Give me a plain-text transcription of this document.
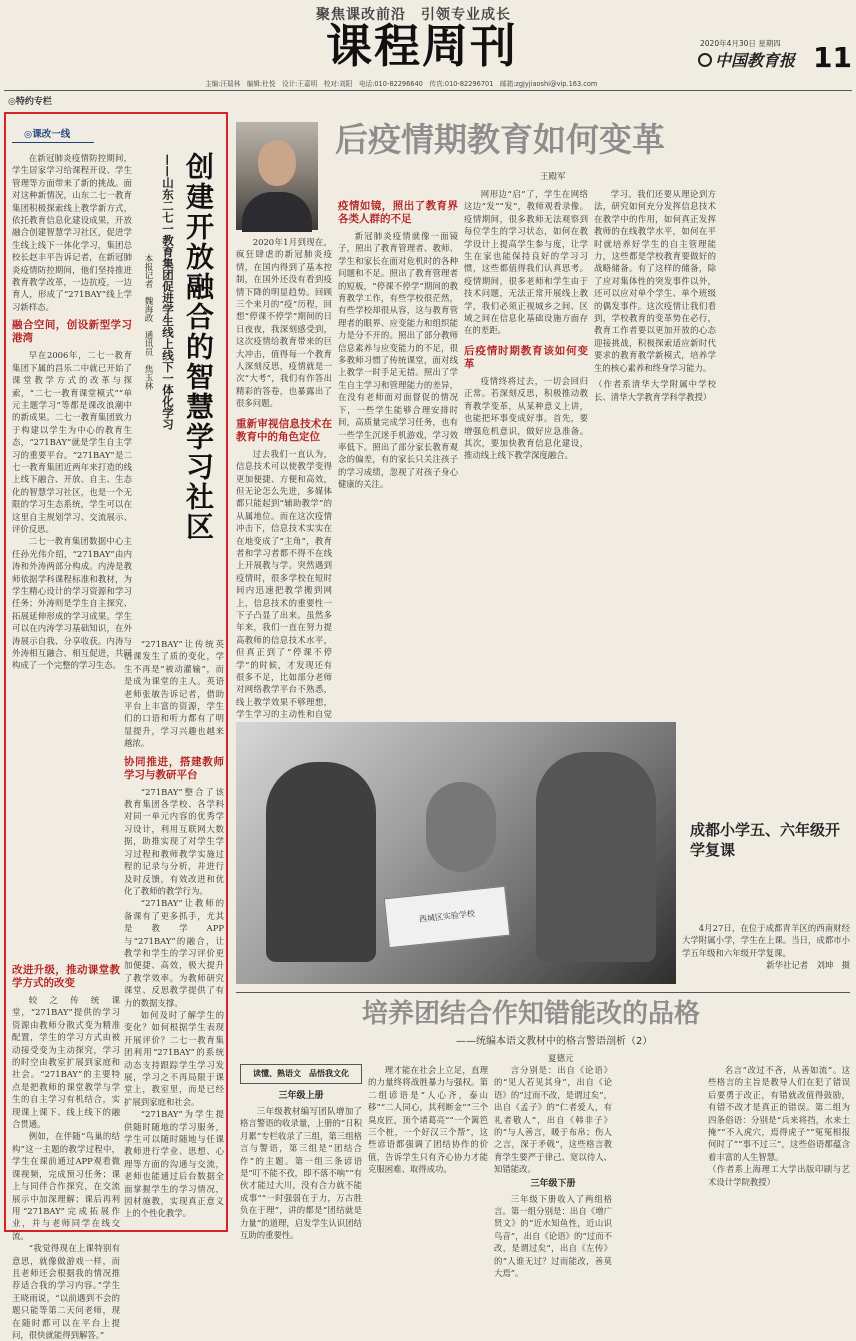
聚焦课改前沿　引领专业成长
课程周刊	2020年4月30日 星期四
中国教育报 11
主编:汪瑞林　编辑:杜悦　设计:王嘉明　校对:刘阳　电话:010-82296640　传真:010-82296701　邮箱:zgjyjiaoshi@vip.163.com
◎特约专栏
◎课改一线
创建开放融合的智慧学习社区
——山东二七一教育集团促进学生线上线下一体化学习
本报记者　魏海政　通讯员　焦玉林

在新冠肺炎疫情防控期间，学生居家学习给课程开设、学生管理等方面带来了新的挑战。面对这种新情况，山东二七一教育集团积极探索线上教学新方式，依托教育信息化建设成果，开放融合创建智慧学习社区，促进学生线上线下一体化学习，集团总校长赵丰平告诉记者，在新冠肺炎疫情防控期间，他们坚持推进教育教学改革，一边抗疫，一边育人，形成了“271BAY”线上学习新样态。

融合空间，创设新型学习港湾

早在2006年，二七一教育集团下属的昌乐二中就已开始了课堂教学方式的改革与探索，“二七一教育课堂模式”“单元主题学习”等都是课改浪潮中的新成果。二七一教育集团致力于构建以学生为中心的教育生态，“271BAY”就是学生自主学习的重要平台。“271BAY”是二七一教育集团近两年来打造的线上线下融合、开放、自主、生态化的智慧学习社区，也是一个无限的学习生态系统，学生可以在这里自主规划学习、交流展示、评价反思。

二七一教育集团数据中心主任孙光伟介绍，“271BAY”由内涛和外涛两部分构成。内涛是教师依据学科课程标准和教材，为学生精心设计的学习资源和学习任务；外涛则是学生自主探究、拓展延伸形成的学习成果。学生可以在内涛学习基础知识，在外涛展示自我、分享收获。内涛与外涛相互融合、相互促进，共同构成了一个完整的学习生态。

“271BAY”让传统英语课发生了质的变化，学生不再是“被动灌输”，而是成为课堂的主人。英语老师张敏告诉记者，借助平台上丰富的资源，学生们的口语和听力都有了明显提升，学习兴趣也越来越浓。

协同推进，搭建教师学习与教研平台

“271BAY”整合了该教育集团各学校、各学科对同一单元内容的优秀学习设计，利用互联网大数据，助推实现了对学生学习过程和教师教学实施过程的记录与分析，并进行及时反馈，有效改进和优化了教师的教学行为。

“271BAY”让教师的备课有了更多抓手，尤其是教学APP与“271BAY”的融合，让教学和学生的学习评价更加便捷、高效，极大提升了教学效率。为教师研究课堂、反思教学提供了有力的数据支撑。

如何及时了解学生的变化？如何根据学生表现开展评价？二七一教育集团利用“271BAY”的系统动态支持跟踪学生学习发展，学习之不再局限于课堂上，教室里，而是已经扩展到家庭和社会。

“271BAY”为学生提供随时随地的学习服务，学生可以随时随地与任课教师进行学业、思想、心理等方面的沟通与交流，老师也能通过后台数据全面掌握学生的学习情况，因材施教，实现真正意义上的个性化教学。

改进升级，推动课堂教学方式的改变

较之传统课堂，“271BAY”提供的学习资源由教师分散式变为精准配置，学生的学习方式由被动接受变为主动探究，学习的时空由教室扩展到家庭和社会。“271BAY”的主要特点是把教师的课堂教学与学生的自主学习有机结合，实现课上课下、线上线下的融合贯通。

例如，在伴随“鸟巢的结构”这一主题的教学过程中，学生在课前通过APP观看微课视频，完成预习任务；课上与同伴合作探究，在交流展示中加深理解；课后再利用“271BAY”完成拓展作业，并与老师同学在线交流。

“我觉得现在上课特别有意思，就像做游戏一样，而且老师还会根据我的情况推荐适合我的学习内容。”学生王晓雨说，“以前遇到不会的题只能等第二天问老师，现在随时都可以在平台上提问，很快就能得到解答。”

后疫情期教育如何变革
王殿军

2020年1月到现在，疯狂肆虐的新冠肺炎疫情，在国内得到了基本控制，在国外还没有看到疫情下降的明显趋势。回顾三个来月的“疫”历程，回想“停课不停学”期间的日日夜夜，我深刻感受到，这次疫情给教育带来的巨大冲击，值得每一个教育人深刻反思，疫情就是一次“大考”，我们有作答出精彩的答卷，也暴露出了很多问题。

重新审视信息技术在教育中的角色定位

过去我们一直认为，信息技术可以使教学变得更加便捷、方便和高效，但无论怎么先进，多媒体都只能起到“辅助教学”的从属地位。而在这次疫情冲击下，信息技术实实在在地变成了“主角”，教育者和学习者都不得不在线上开展教与学。突然遇到疫情时，很多学校在短时间内迅速把教学搬到网上，信息技术的重要性一下子凸显了出来。虽然多年来，我们一直在努力提高教师的信息技术水平，但真正到了“停课不停学”的时候，才发现还有很多不足，比如部分老师对网络教学平台不熟悉，线上教学效果不够理想，学生学习的主动性和自觉

疫情如镜，照出了教育界各类人群的不足

新冠肺炎疫情就像一面镜子，照出了教育管理者、教师、学生和家长在面对危机时的各种问题和不足。照出了教育管理者的短板，“停课不停学”期间的教育教学工作，有些学校很茫然，有些学校却很从容，这与教育管理者的眼界、应变能力和组织能力是分不开的。照出了部分教师信息素养与应变能力的不足，很多教师习惯了传统课堂，面对线上教学一时手足无措。照出了学生自主学习和管理能力的差异，在没有老师面对面督促的情况下，一些学生能够合理安排时间，高质量完成学习任务，也有一些学生沉迷手机游戏，学习效率低下。照出了部分家长教育观念的偏差，有的家长只关注孩子的学习成绩，忽视了对孩子身心健康的关注。

网形边“启”了，学生在网络这边“发”“发”，教师观看录像。疫情期间，很多教师无法观察到每位学生的学习状态，如何在教学设计上提高学生参与度，让学生在家也能保持良好的学习习惯，这些都值得我们认真思考。疫情期间，很多老师和学生由于技术问题，无法正常开展线上教学，我们必须正视城乡之间、区域之间在信息化基础设施方面存在的差距。

后疫情时期教育该如何变革

疫情终将过去，一切会回归正常。若深刻反思，积极推动教育教学变革，从某种意义上讲，也能把坏事变成好事。首先，要增强危机意识，做好应急准备。其次，要加快教育信息化建设，推动线上线下教学深度融合。

学习。我们还要从理论到方法，研究如何充分发挥信息技术在教学中的作用，如何真正发挥教师的在线教学水平，如何在平时就培养好学生的自主管理能力，这些都是学校教育要做好的战略储备。有了这样的储备，除了应对集体性的突发事件以外，还可以应对单个学生、单个班级的偶发事件。这次疫情让我们看到，学校教育的变革势在必行，教育工作者要以更加开放的心态迎接挑战，积极探索适应新时代要求的教育教学新模式，培养学生的核心素养和终身学习能力。

（作者系清华大学附属中学校长、清华大学教育学科学教授）

西城区实验学校
成都小学五、六年级开学复课

4月27日，在位于成都青羊区的西南财经大学附属小学，学生在上课。当日，成都市小学五年级和六年级开学复课。

新华社记者　刘坤　摄
培养团结合作知错能改的品格
——统编本语文教材中的格言警语剖析（2）
夏德元
读懂、熟语文　品悟我文化
三年级上册

三年级教材编写团队增加了格言警语的收录量，上册的“日积月累”专栏收录了三组，第三组格言与警语，第三组是“团结合作”的主题。第一组三条谚语是“叮不能不孜，即不落不响”“有伙才能过大川，没有合力就不能成事”“一时强弱在于力，万古胜负在于理”，讲的都是“团结就是力量”的道理，启发学生认识团结互助的重要性。

理才能在社会上立足，直理的力量终将战胜暴力与强权。第二组谚语是“人心齐，泰山移”“二人同心，其利断金”“三个臭皮匠，顶个诸葛亮”“一个篱笆三个桩，一个好汉三个帮”，这些谚语都强调了团结协作的价值，告诉学生只有齐心协力才能克服困难、取得成功。

言分别是：出自《论语》的“见人若见其身”，出自《论语》的“过而不改，是谓过矣”，出自《孟子》的“仁者爱人，有礼者敬人”，出自《韩非子》的“与人善言，暖于布帛；伤人之言，深于矛戟”，这些格言教育学生要严于律己、宽以待人、知错能改。

三年级下册

三年级下册收入了两组格言。第一组分别是：出自《增广贤文》的“近水知鱼性，近山识鸟音”，出自《论语》的“过而不改，是谓过矣”，出自《左传》的“人谁无过？过而能改，善莫大焉”。

名言“改过不吝，从善如流”。这些格言的主旨是教导人们在犯了错误后要勇于改正，有错就改值得鼓励，有错不改才是真正的错误。第二组为四条俗语：分别是“兵来将挡，水来土掩”“不入虎穴，焉得虎子”“冤冤相报何时了”“事不过三”，这些俗语都蕴含着丰富的人生智慧。

（作者系上海理工大学出版印刷与艺术设计学院教授）
